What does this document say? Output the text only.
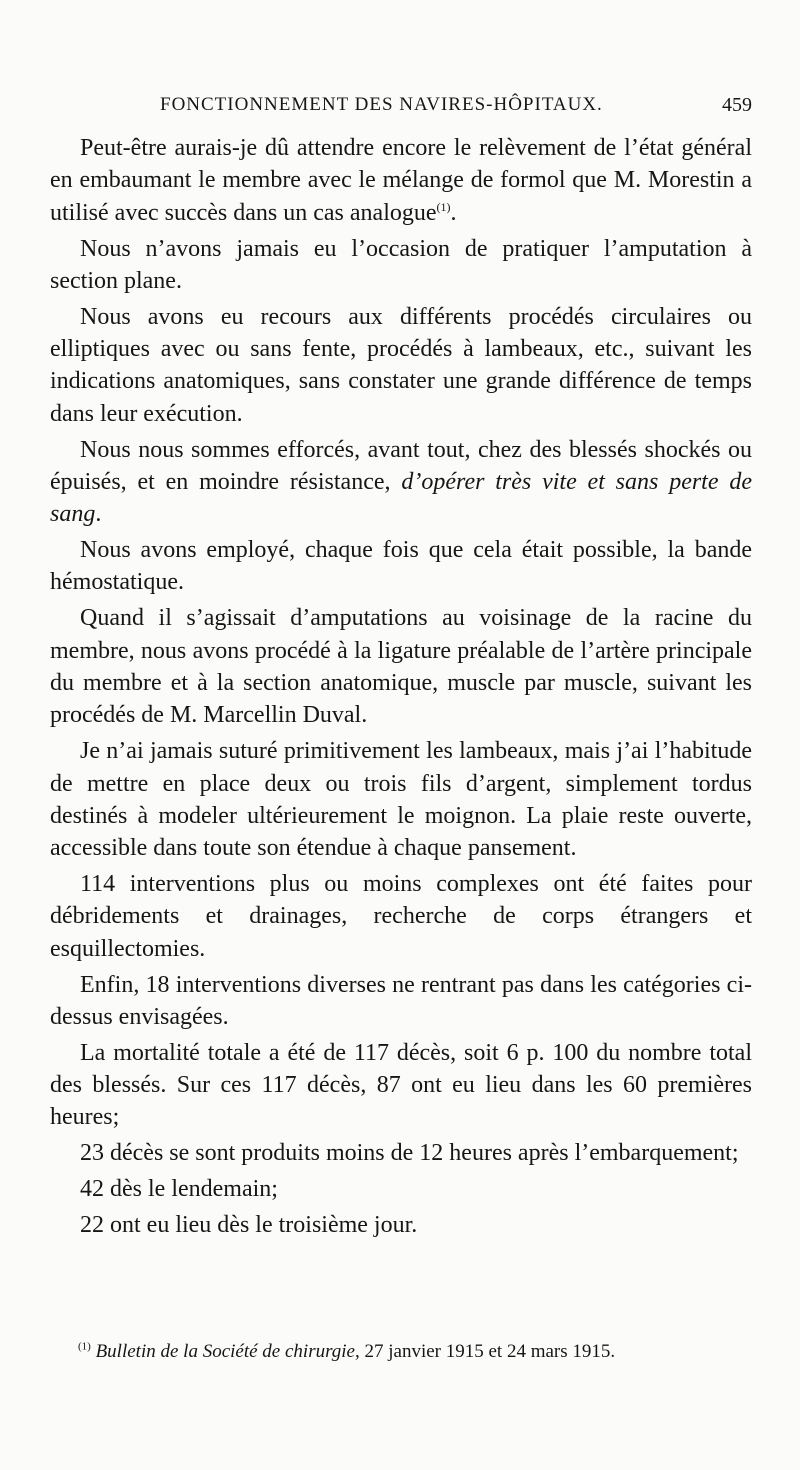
FONCTIONNEMENT DES NAVIRES-HÔPITAUX.	459

Peut-être aurais-je dû attendre encore le relèvement de l’état général en embaumant le membre avec le mélange de formol que M. Morestin a utilisé avec succès dans un cas analogue$^{(1)}$.

Nous n’avons jamais eu l’occasion de pratiquer l’amputation à section plane.

Nous avons eu recours aux différents procédés circulaires ou elliptiques avec ou sans fente, procédés à lambeaux, etc., suivant les indications anatomiques, sans constater une grande différence de temps dans leur exécution.

Nous nous sommes efforcés, avant tout, chez des blessés shockés ou épuisés, et en moindre résistance, d’opérer très vite et sans perte de sang.

Nous avons employé, chaque fois que cela était possible, la bande hémostatique.

Quand il s’agissait d’amputations au voisinage de la racine du membre, nous avons procédé à la ligature préalable de l’artère principale du membre et à la section anatomique, muscle par muscle, suivant les procédés de M. Marcellin Duval.

Je n’ai jamais suturé primitivement les lambeaux, mais j’ai l’habitude de mettre en place deux ou trois fils d’argent, simplement tordus destinés à modeler ultérieurement le moignon. La plaie reste ouverte, accessible dans toute son étendue à chaque pansement.

114 interventions plus ou moins complexes ont été faites pour débridements et drainages, recherche de corps étrangers et esquillectomies.

Enfin, 18 interventions diverses ne rentrant pas dans les catégories ci-dessus envisagées.

La mortalité totale a été de 117 décès, soit 6 p. 100 du nombre total des blessés. Sur ces 117 décès, 87 ont eu lieu dans les 60 premières heures;

23 décès se sont produits moins de 12 heures après l’embarquement;

42 dès le lendemain;

22 ont eu lieu dès le troisième jour.

$^{(1)}$ Bulletin de la Société de chirurgie, 27 janvier 1915 et 24 mars 1915.
